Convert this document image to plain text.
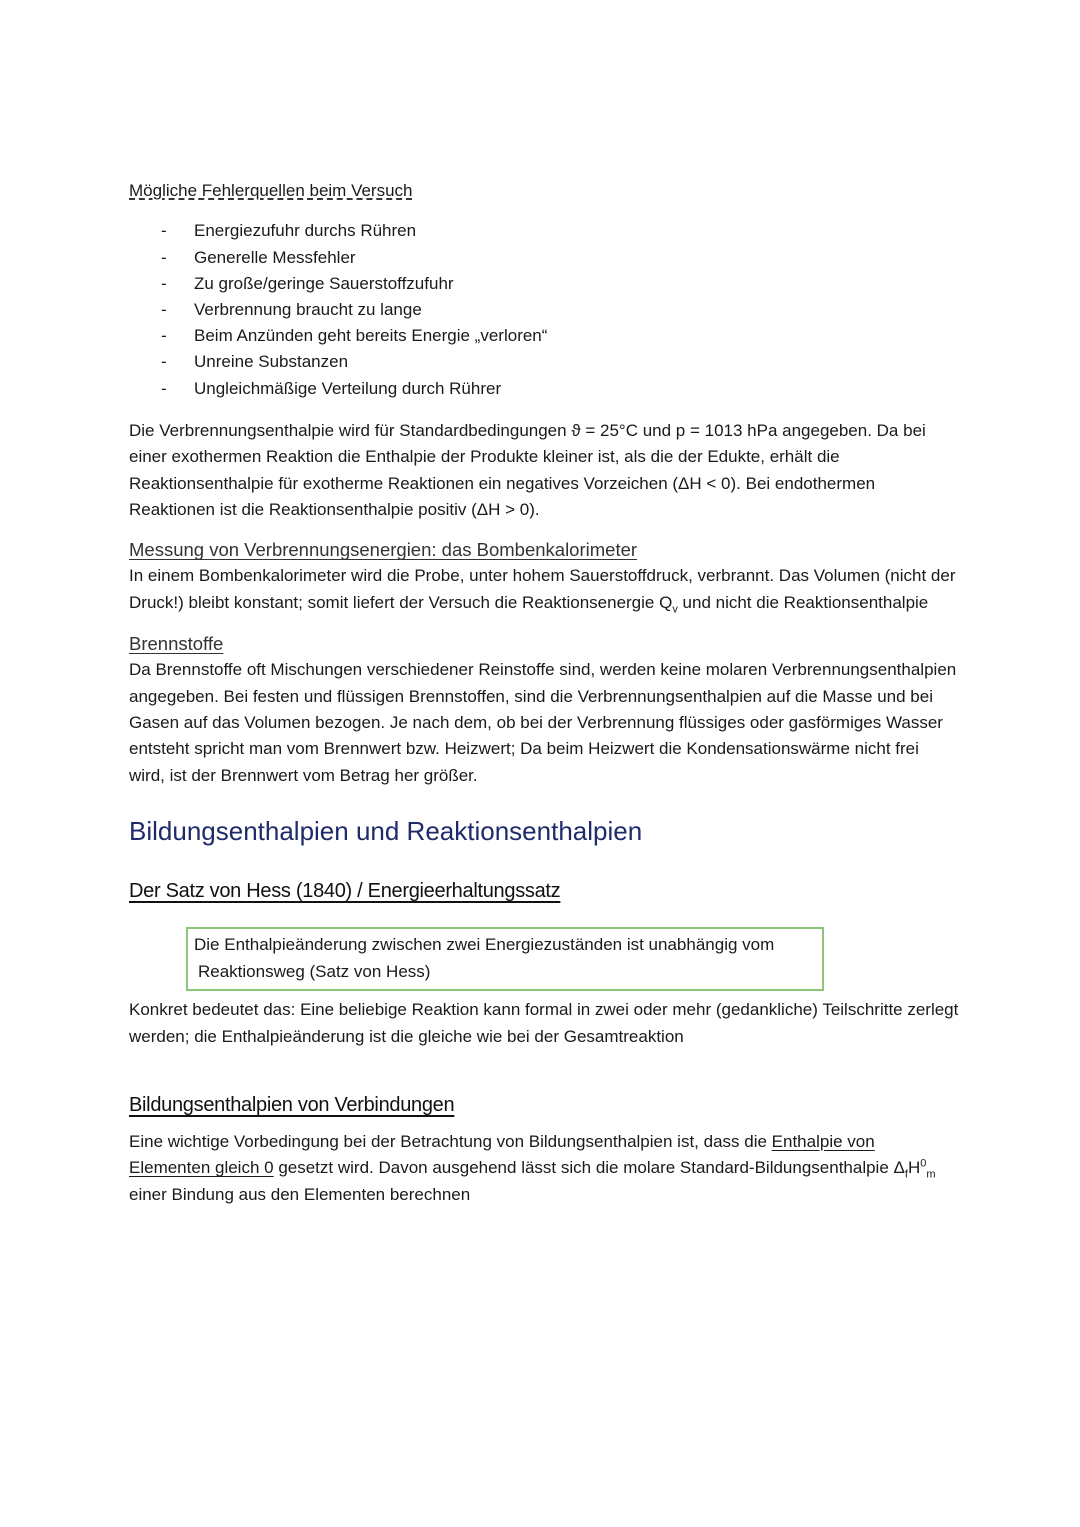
Mögliche Fehlerquellen beim Versuch

- Energiezufuhr durchs Rühren
- Generelle Messfehler
- Zu große/geringe Sauerstoffzufuhr
- Verbrennung braucht zu lange
- Beim Anzünden geht bereits Energie „verloren“
- Unreine Substanzen
- Ungleichmäßige Verteilung durch Rührer

Die Verbrennungsenthalpie wird für Standardbedingungen ϑ = 25°C und p = 1013 hPa angegeben. Da bei einer exothermen Reaktion die Enthalpie der Produkte kleiner ist, als die der Edukte, erhält die Reaktionsenthalpie für exotherme Reaktionen ein negatives Vorzeichen (ΔH < 0). Bei endothermen Reaktionen ist die Reaktionsenthalpie positiv (ΔH > 0).

Messung von Verbrennungsenergien: das Bombenkalorimeter

In einem Bombenkalorimeter wird die Probe, unter hohem Sauerstoffdruck, verbrannt. Das Volumen (nicht der Druck!) bleibt konstant; somit liefert der Versuch die Reaktionsenergie $Q_v$ und nicht die Reaktionsenthalpie

Brennstoffe

Da Brennstoffe oft Mischungen verschiedener Reinstoffe sind, werden keine molaren Verbrennungsenthalpien angegeben. Bei festen und flüssigen Brennstoffen, sind die Verbrennungsenthalpien auf die Masse und bei Gasen auf das Volumen bezogen. Je nach dem, ob bei der Verbrennung flüssiges oder gasförmiges Wasser entsteht spricht man vom Brennwert bzw. Heizwert; Da beim Heizwert die Kondensationswärme nicht frei wird, ist der Brennwert vom Betrag her größer.

Bildungsenthalpien und Reaktionsenthalpien

Der Satz von Hess (1840) / Energieerhaltungssatz

Die Enthalpieänderung zwischen zwei Energiezuständen ist unabhängig vom
Reaktionsweg (Satz von Hess)

Konkret bedeutet das: Eine beliebige Reaktion kann formal in zwei oder mehr (gedankliche) Teilschritte zerlegt werden; die Enthalpieänderung ist die gleiche wie bei der Gesamtreaktion

Bildungsenthalpien von Verbindungen

Eine wichtige Vorbedingung bei der Betrachtung von Bildungsenthalpien ist, dass die Enthalpie von Elementen gleich 0 gesetzt wird. Davon ausgehend lässt sich die molare Standard-Bildungsenthalpie $\Delta_fH^0_m$ einer Bindung aus den Elementen berechnen
